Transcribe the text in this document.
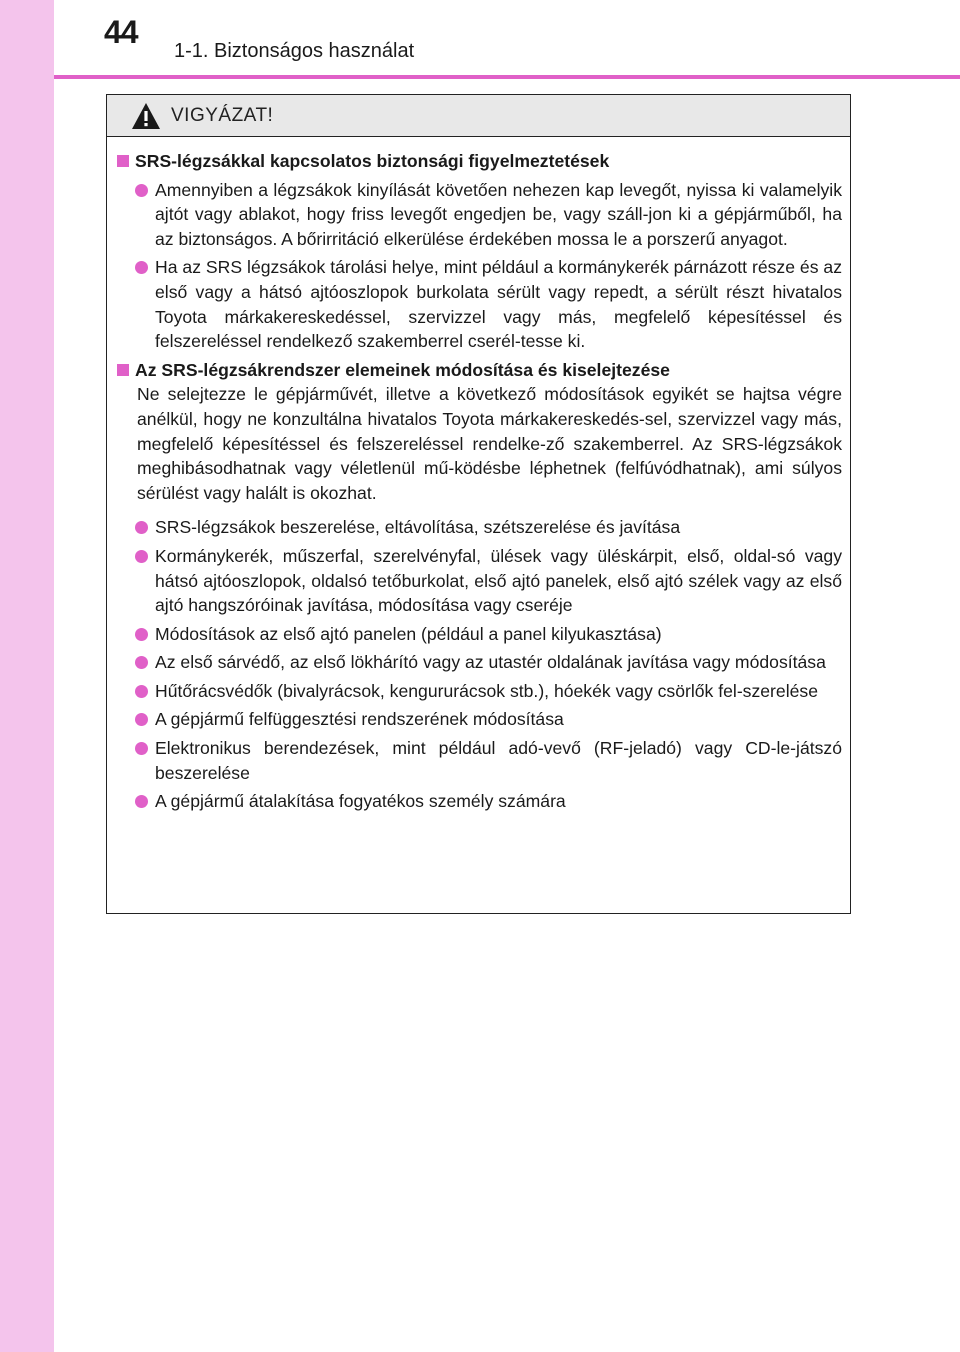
44
1-1. Biztonságos használat
VIGYÁZAT!
SRS-légzsákkal kapcsolatos biztonsági figyelmeztetések
Amennyiben a légzsákok kinyílását követően nehezen kap levegőt, nyissa ki valamelyik ajtót vagy ablakot, hogy friss levegőt engedjen be, vagy száll-jon ki a gépjárműből, ha az biztonságos. A bőrirritáció elkerülése érdekében mossa le a porszerű anyagot.
Ha az SRS légzsákok tárolási helye, mint például a kormánykerék párnázott része és az első vagy a hátsó ajtóoszlopok burkolata sérült vagy repedt, a sérült részt hivatalos Toyota márkakereskedéssel, szervizzel vagy más, megfelelő képesítéssel és felszereléssel rendelkező szakemberrel cserél-tesse ki.
Az SRS-légzsákrendszer elemeinek módosítása és kiselejtezése
Ne selejtezze le gépjárművét, illetve a következő módosítások egyikét se hajtsa végre anélkül, hogy ne konzultálna hivatalos Toyota márkakereskedés-sel, szervizzel vagy más, megfelelő képesítéssel és felszereléssel rendelke-ző szakemberrel. Az SRS-légzsákok meghibásodhatnak vagy véletlenül mű-ködésbe léphetnek (felfúvódhatnak), ami súlyos sérülést vagy halált is okozhat.
SRS-légzsákok beszerelése, eltávolítása, szétszerelése és javítása
Kormánykerék, műszerfal, szerelvényfal, ülések vagy üléskárpit, első, oldal-só vagy hátsó ajtóoszlopok, oldalsó tetőburkolat, első ajtó panelek, első ajtó szélek vagy az első ajtó hangszóróinak javítása, módosítása vagy cseréje
Módosítások az első ajtó panelen (például a panel kilyukasztása)
Az első sárvédő, az első lökhárító vagy az utastér oldalának javítása vagy módosítása
Hűtőrácsvédők (bivalyrácsok, kengururácsok stb.), hóekék vagy csörlők fel-szerelése
A gépjármű felfüggesztési rendszerének módosítása
Elektronikus berendezések, mint például adó-vevő (RF-jeladó) vagy CD-le-játszó beszerelése
A gépjármű átalakítása fogyatékos személy számára
